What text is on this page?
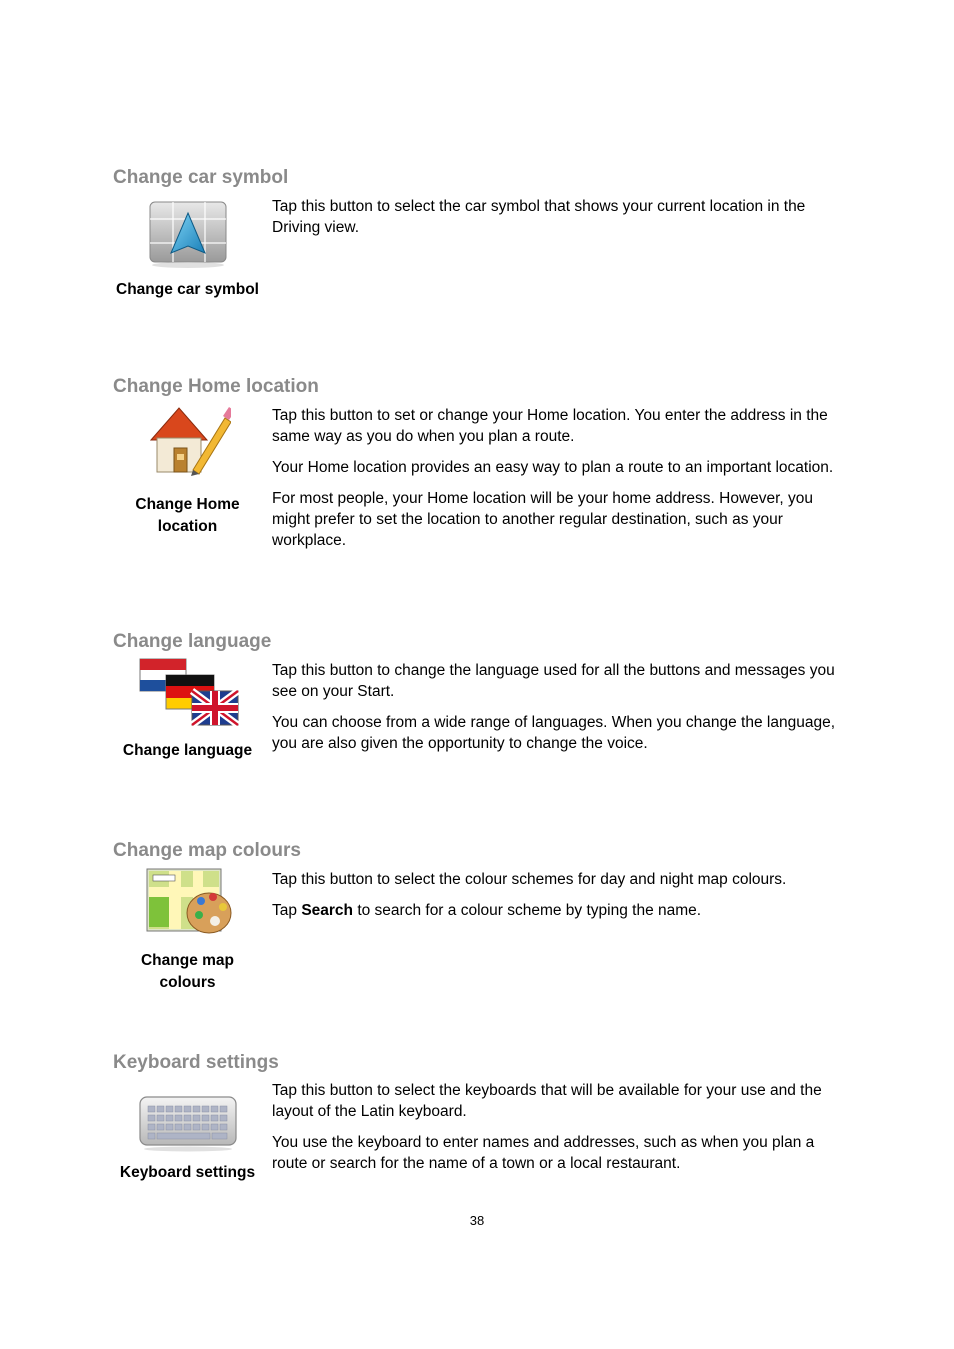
Change car symbol
Change car symbol

Tap this button to select the car symbol that shows your current location in the Driving view.

Change Home location
Change Home location

Tap this button to set or change your Home location. You enter the address in the same way as you do when you plan a route.

Your Home location provides an easy way to plan a route to an important location.

For most people, your Home location will be your home address. However, you might prefer to set the location to another regular destination, such as your workplace.

Change language
Change language

Tap this button to change the language used for all the buttons and messages you see on your Start.

You can choose from a wide range of languages. When you change the language, you are also given the opportunity to change the voice.

Change map colours
Change map colours

Tap this button to select the colour schemes for day and night map colours.

Tap Search to search for a colour scheme by typing the name.

Keyboard settings
Keyboard settings

Tap this button to select the keyboards that will be available for your use and the layout of the Latin keyboard.

You use the keyboard to enter names and addresses, such as when you plan a route or search for the name of a town or a local restaurant.

38
